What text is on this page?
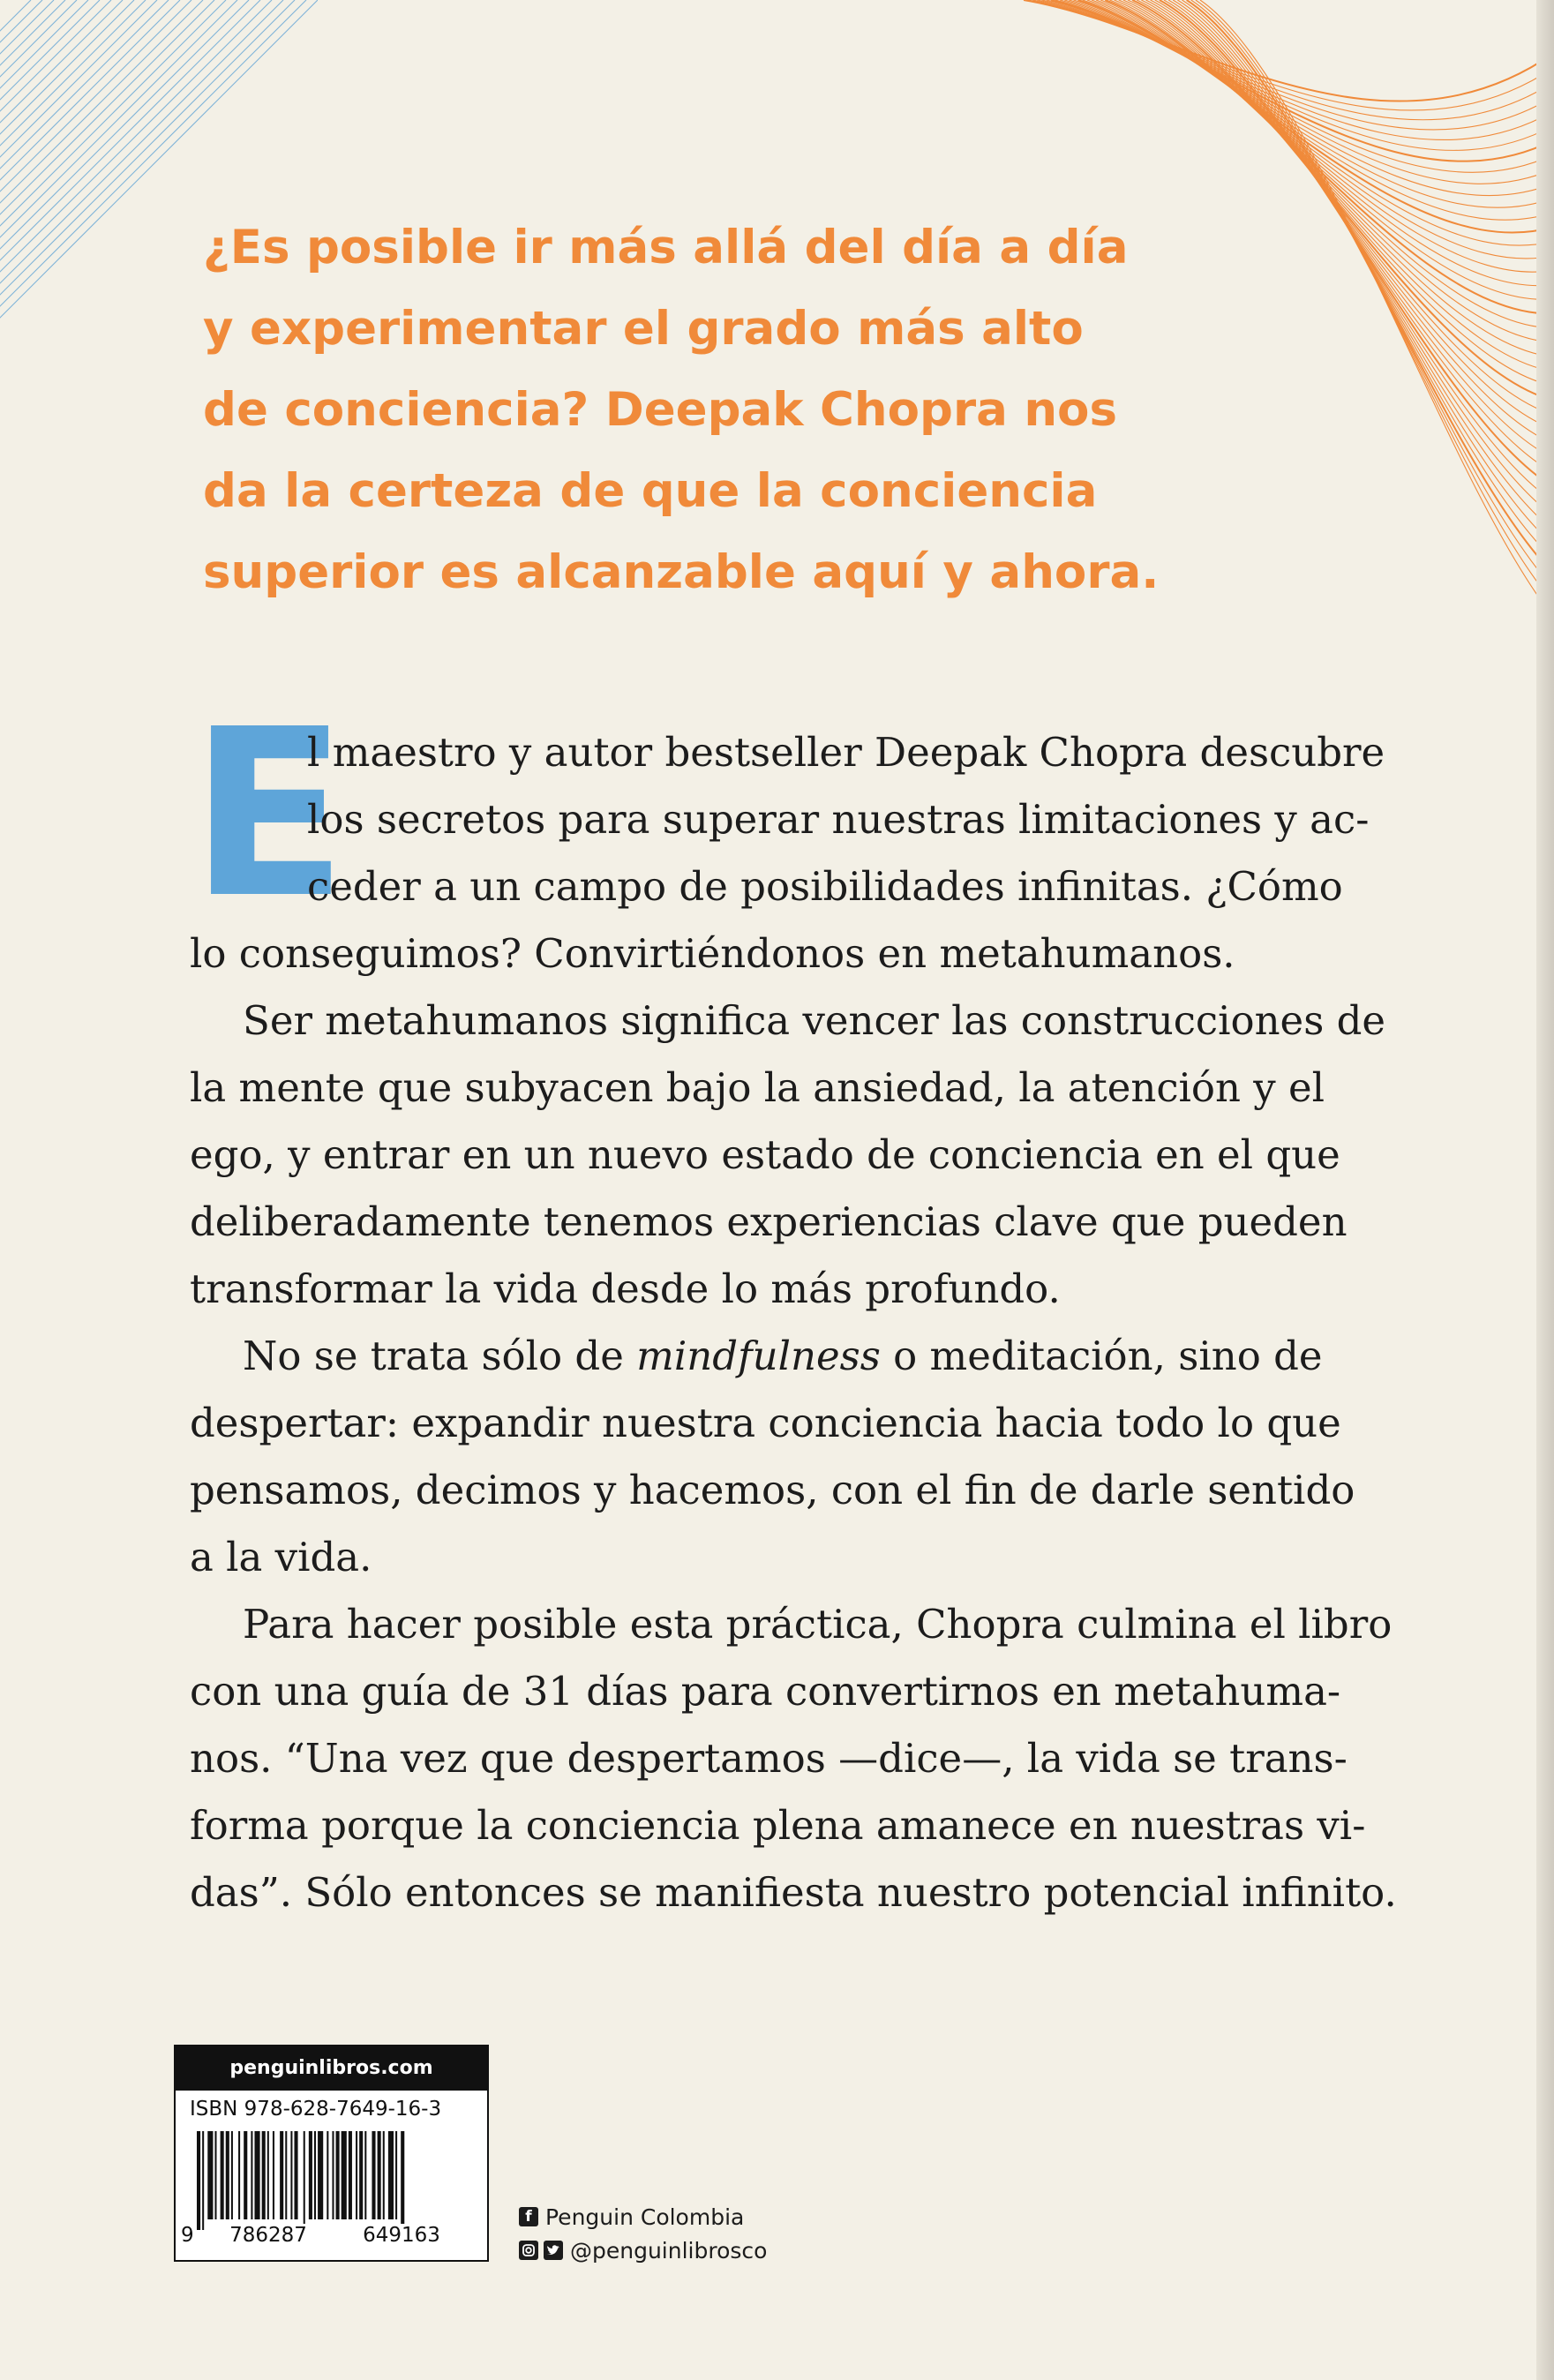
¿Es posible ir más allá del día a día
y experimentar el grado más alto
de conciencia? Deepak Chopra nos
da la certeza de que la conciencia
superior es alcanzable aquí y ahora.

E
l maestro y autor bestseller Deepak Chopra descubre
los secretos para superar nuestras limitaciones y ac-
ceder a un campo de posibilidades infinitas. ¿Cómo
lo conseguimos? Convirtiéndonos en metahumanos.

Ser metahumanos significa vencer las construcciones de
la mente que subyacen bajo la ansiedad, la atención y el
ego, y entrar en un nuevo estado de conciencia en el que
deliberadamente tenemos experiencias clave que pueden
transformar la vida desde lo más profundo.

No se trata sólo de mindfulness o meditación, sino de
despertar: expandir nuestra conciencia hacia todo lo que
pensamos, decimos y hacemos, con el fin de darle sentido
a la vida.

Para hacer posible esta práctica, Chopra culmina el libro
con una guía de 31 días para convertirnos en metahuma-
nos. “Una vez que despertamos —dice—, la vida se trans-
forma porque la conciencia plena amanece en nuestras vi-
das”. Sólo entonces se manifiesta nuestro potencial infinito.

penguinlibros.com
ISBN 978-628-7649-16-3
9	786287	649163
f Penguin Colombia
@penguinlibrosco
